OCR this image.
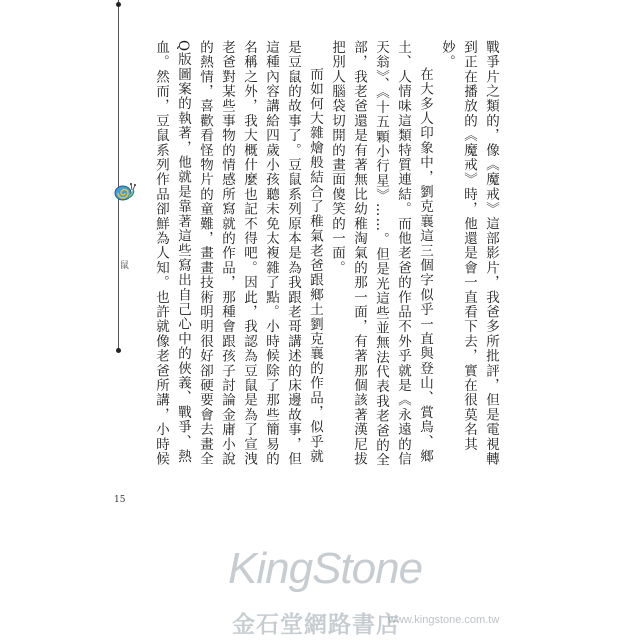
鼠
15

戰爭片之類的，像《魔戒》這部影片，我爸多所批評，但是電視轉到正在播放的《魔戒》時，他還是會一直看下去，實在很莫名其妙。

在大多人印象中，劉克襄這三個字似乎一直與登山、賞鳥、鄉土、人情味這類特質連結。而他老爸的作品不外乎就是《永遠的信天翁》、《十五顆小行星》……。但是光這些並無法代表我老爸的全部，我老爸還是有著無比幼稚淘氣的那一面，有著那個該著漢尼拔把別人腦袋切開的畫面傻笑的一面。

而如何大雜燴般結合了稚氣老爸跟鄉土劉克襄的作品，似乎就是豆鼠的故事了。豆鼠系列原本是為我跟老哥講述的床邊故事，但這種內容講給四歲小孩聽未免太複雜了點。小時候除了那些簡易的名稱之外，我大概什麼也記不得吧。因此，我認為豆鼠是為了宣洩老爸對某些事物的情感所寫就的作品，那種會跟孩子討論金庸小說的熱情，喜歡看怪物片的童難，畫畫技術明明很好卻硬要會去畫全Q版圖案的執著，他就是靠著這些寫出自己心中的俠義、戰爭、熱血。然而，豆鼠系列作品卻鮮為人知。也許就像老爸所講，小時候

KingStone
金石堂網路書店
www.kingstone.com.tw
